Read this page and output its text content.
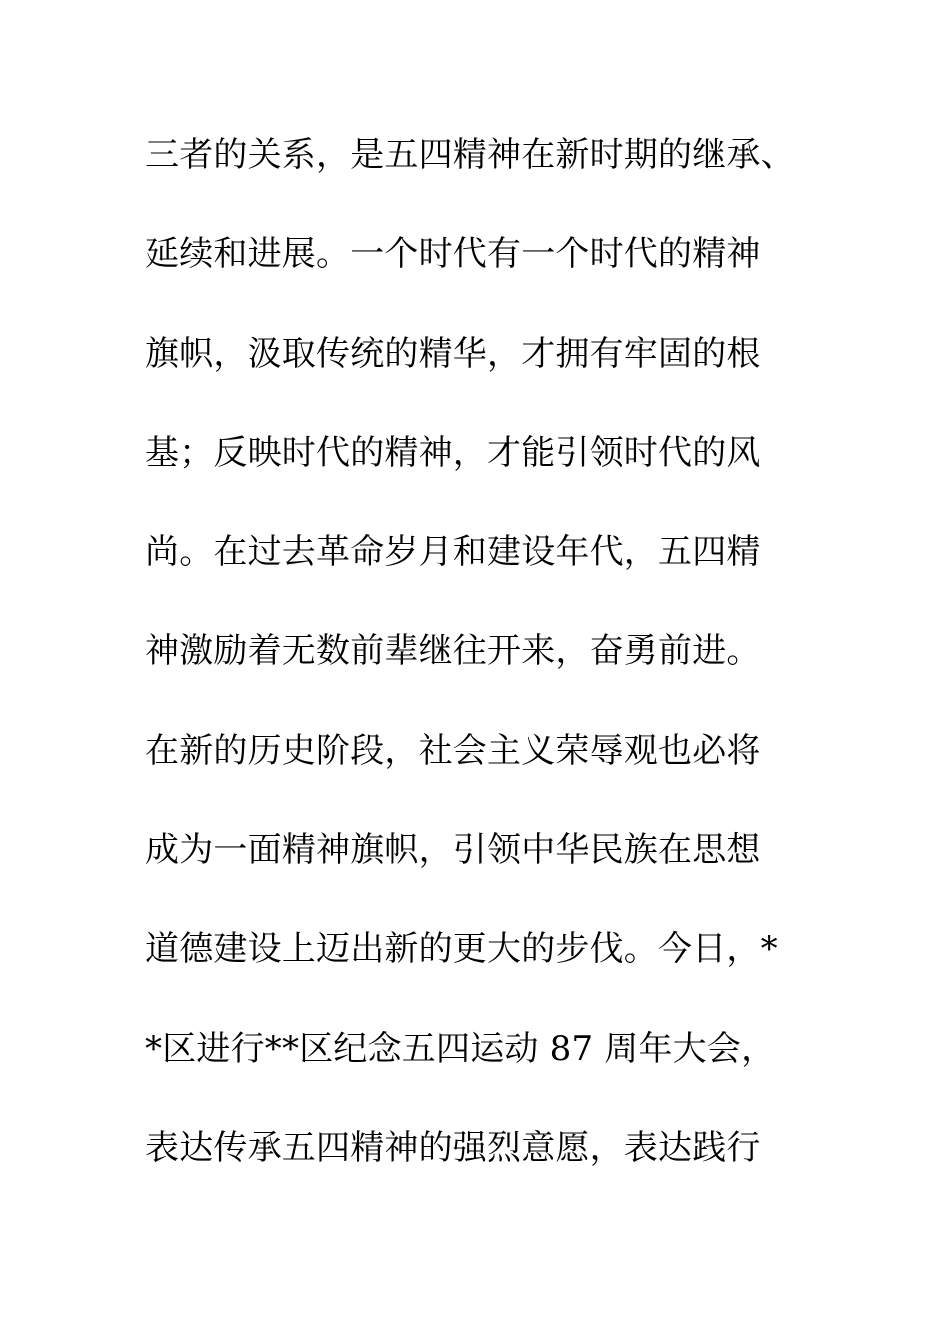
三者的关系，是五四精神在新时期的继承、
延续和进展。一个时代有一个时代的精神
旗帜，汲取传统的精华，才拥有牢固的根
基；反映时代的精神，才能引领时代的风
尚。在过去革命岁月和建设年代，五四精
神激励着无数前辈继往开来，奋勇前进。
在新的历史阶段，社会主义荣辱观也必将
成为一面精神旗帜，引领中华民族在思想
道德建设上迈出新的更大的步伐。今日，*
*区进行**区纪念五四运动 87 周年大会，
表达传承五四精神的强烈意愿，表达践行
